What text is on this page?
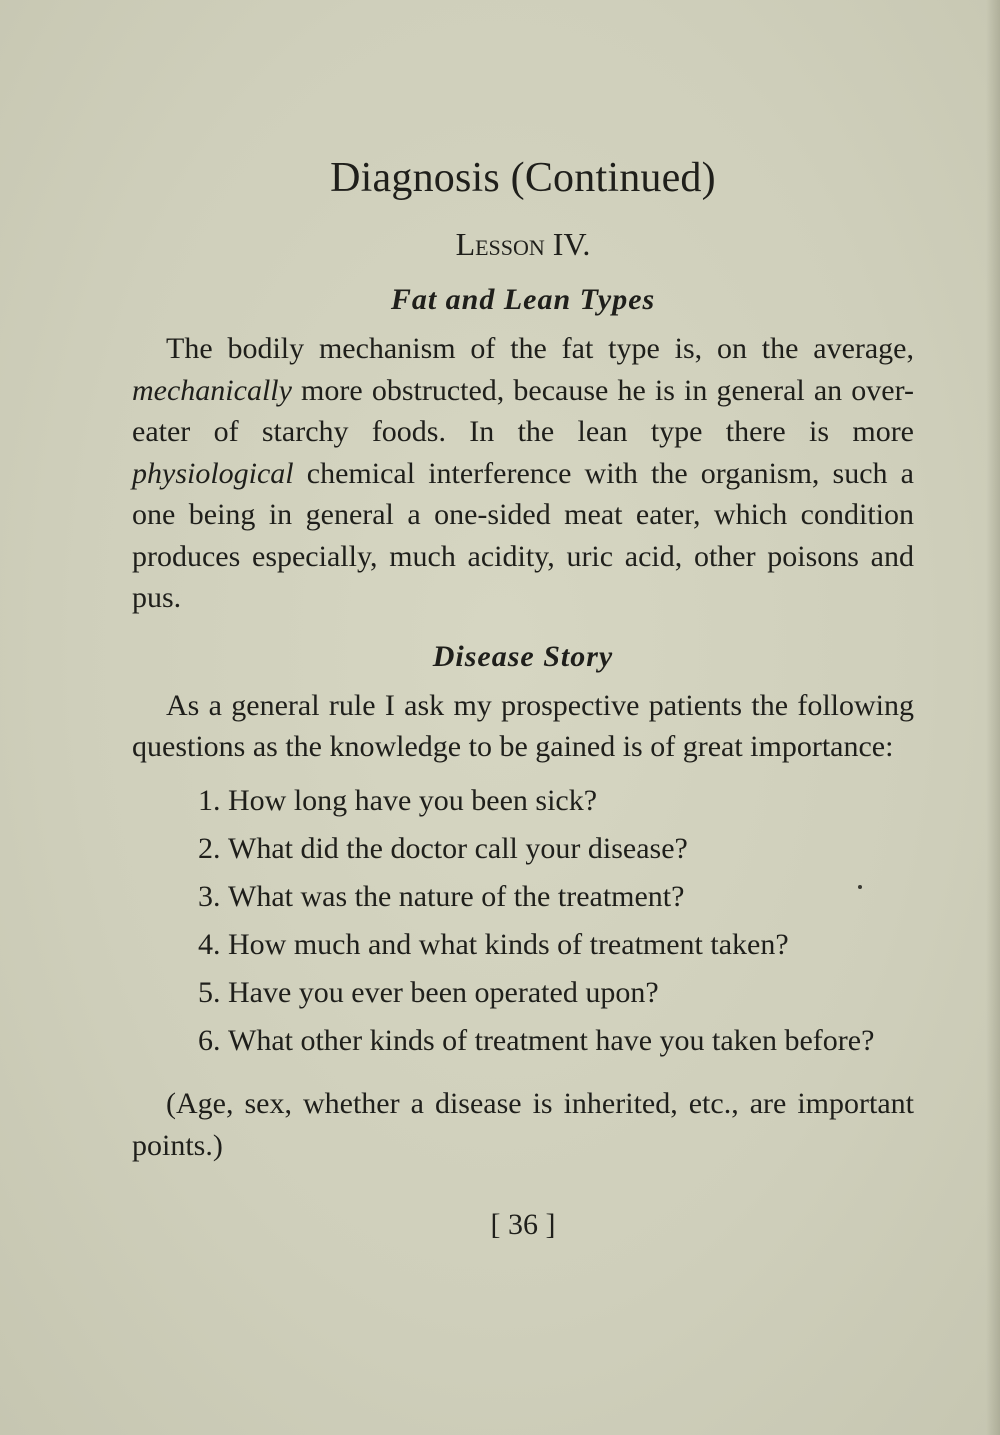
Diagnosis (Continued)
Lesson IV.
Fat and Lean Types

The bodily mechanism of the fat type is, on the average, mechanically more obstructed, because he is in general an over-eater of starchy foods. In the lean type there is more physiological chemical interference with the organism, such a one being in general a one-sided meat eater, which condition produces especially, much acidity, uric acid, other poisons and pus.

Disease Story

As a general rule I ask my prospective patients the following questions as the knowledge to be gained is of great importance:

1. How long have you been sick?
2. What did the doctor call your disease?
3. What was the nature of the treatment?
4. How much and what kinds of treatment taken?
5. Have you ever been operated upon?
6. What other kinds of treatment have you taken before?

(Age, sex, whether a disease is inherited, etc., are important points.)

[ 36 ]
